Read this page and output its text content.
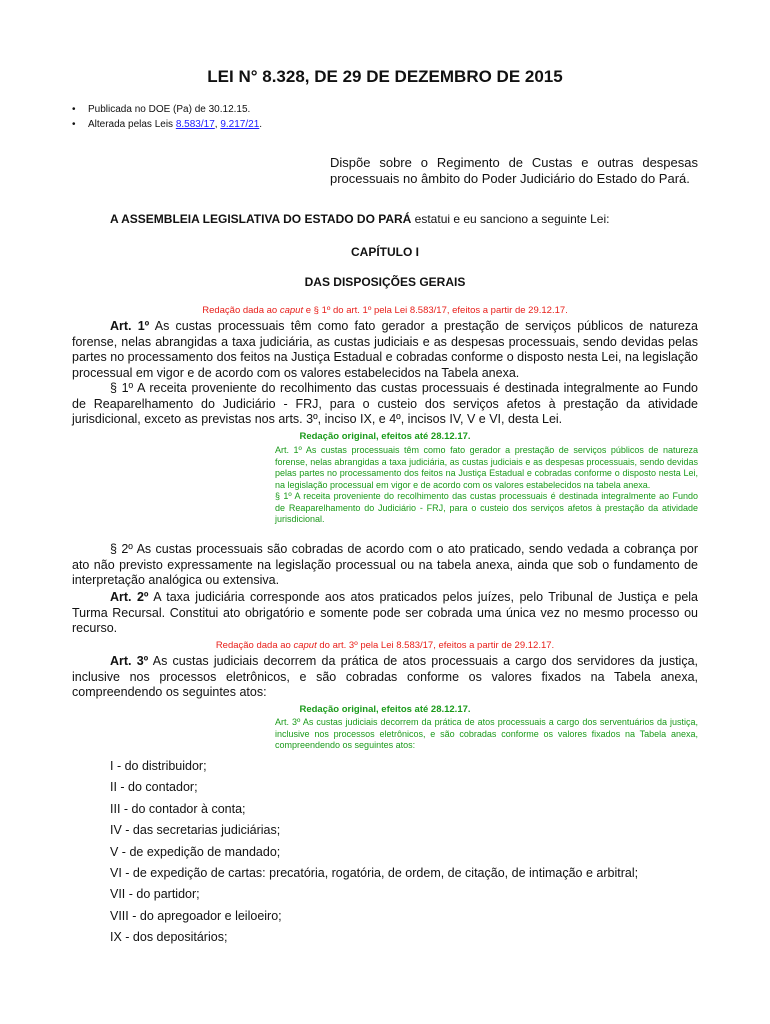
LEI N° 8.328, DE 29 DE DEZEMBRO DE 2015
• Publicada no DOE (Pa) de 30.12.15.
• Alterada pelas Leis 8.583/17, 9.217/21.
Dispõe sobre o Regimento de Custas e outras despesas processuais no âmbito do Poder Judiciário do Estado do Pará.
A ASSEMBLEIA LEGISLATIVA DO ESTADO DO PARÁ estatui e eu sanciono a seguinte Lei:
CAPÍTULO I
DAS DISPOSIÇÕES GERAIS
Redação dada ao caput e § 1º do art. 1º pela Lei 8.583/17, efeitos a partir de 29.12.17.
Art. 1º As custas processuais têm como fato gerador a prestação de serviços públicos de natureza forense, nelas abrangidas a taxa judiciária, as custas judiciais e as despesas processuais, sendo devidas pelas partes no processamento dos feitos na Justiça Estadual e cobradas conforme o disposto nesta Lei, na legislação processual em vigor e de acordo com os valores estabelecidos na Tabela anexa.
§ 1º A receita proveniente do recolhimento das custas processuais é destinada integralmente ao Fundo de Reaparelhamento do Judiciário - FRJ, para o custeio dos serviços afetos à prestação da atividade jurisdicional, exceto as previstas nos arts. 3º, inciso IX, e 4º, incisos IV, V e VI, desta Lei.
Redação original, efeitos até 28.12.17.

Art. 1º As custas processuais têm como fato gerador a prestação de serviços públicos de natureza forense, nelas abrangidas a taxa judiciária, as custas judiciais e as despesas processuais, sendo devidas pelas partes no processamento dos feitos na Justiça Estadual e cobradas conforme o disposto nesta Lei, na legislação processual em vigor e de acordo com os valores estabelecidos na tabela anexa.

§ 1º A receita proveniente do recolhimento das custas processuais é destinada integralmente ao Fundo de Reaparelhamento do Judiciário - FRJ, para o custeio dos serviços afetos à prestação da atividade jurisdicional.

§ 2º As custas processuais são cobradas de acordo com o ato praticado, sendo vedada a cobrança por ato não previsto expressamente na legislação processual ou na tabela anexa, ainda que sob o fundamento de interpretação analógica ou extensiva.
Art. 2º A taxa judiciária corresponde aos atos praticados pelos juízes, pelo Tribunal de Justiça e pela Turma Recursal. Constitui ato obrigatório e somente pode ser cobrada uma única vez no mesmo processo ou recurso.
Redação dada ao caput do art. 3º pela Lei 8.583/17, efeitos a partir de 29.12.17.
Art. 3º As custas judiciais decorrem da prática de atos processuais a cargo dos servidores da justiça, inclusive nos processos eletrônicos, e são cobradas conforme os valores fixados na Tabela anexa, compreendendo os seguintes atos:
Redação original, efeitos até 28.12.17.

Art. 3º As custas judiciais decorrem da prática de atos processuais a cargo dos serventuários da justiça, inclusive nos processos eletrônicos, e são cobradas conforme os valores fixados na Tabela anexa, compreendendo os seguintes atos:

I - do distribuidor;
II - do contador;
III - do contador à conta;
IV - das secretarias judiciárias;
V - de expedição de mandado;
VI - de expedição de cartas: precatória, rogatória, de ordem, de citação, de intimação e arbitral;
VII - do partidor;
VIII - do apregoador e leiloeiro;
IX - dos depositários;
